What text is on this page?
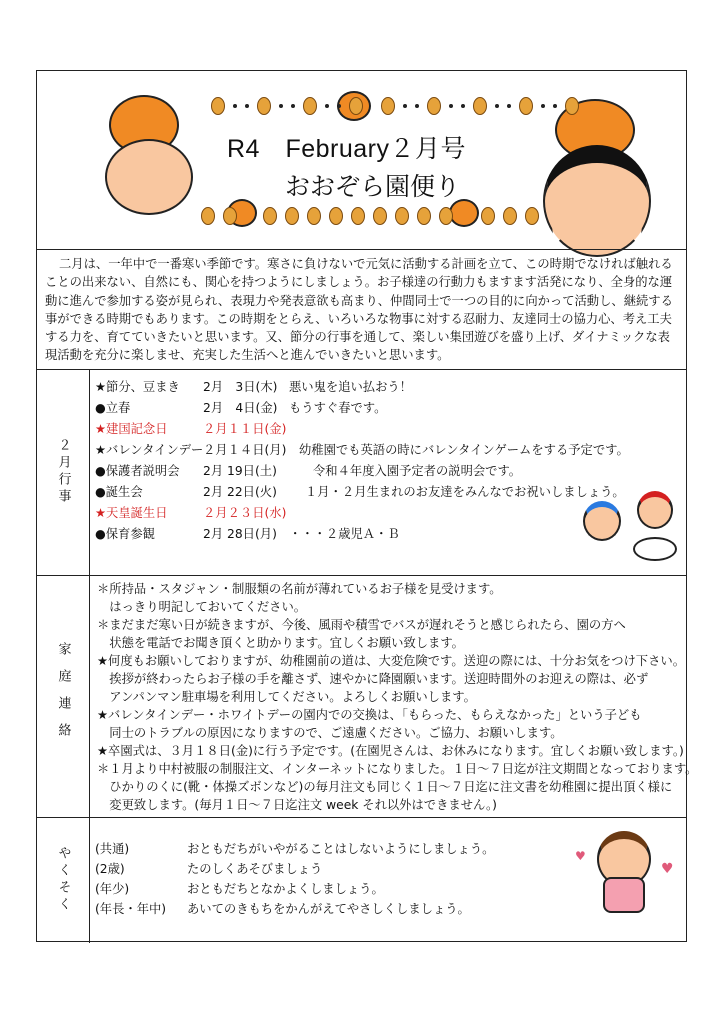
R4　February２月号
おおぞら園便り

二月は、一年中で一番寒い季節です。寒さに負けないで元気に活動する計画を立て、この時期でなければ触れることの出来ない、自然にも、関心を持つようにしましょう。お子様達の行動力もますます活発になり、全身的な運動に進んで参加する姿が見られ、表現力や発表意欲も高まり、仲間同士で一つの目的に向かって活動し、継続する事ができる時期でもあります。この時期をとらえ、いろいろな物事に対する忍耐力、友達同士の協力心、考え工夫する力を、育てていきたいと思います。又、節分の行事を通して、楽しい集団遊びを盛り上げ、ダイナミックな表現活動を充分に楽しませ、充実した生活へと進んでいきたいと思います。

２月行事
★節分、豆まき 2月　3日(木) 悪い鬼を追い払おう！
●立春	2月　4日(金) もうすぐ春です。
★建国記念日	２月１１日(金)
★バレンタインデー ２月１４日(月) 幼稚園でも英語の時にバレンタインゲームをする予定です。
●保護者説明会 2月 19日(土)	令和４年度入園予定者の説明会です。
●誕生会	2月 22日(火) １月・２月生まれのお友達をみんなでお祝いしましょう。
★天皇誕生日	２月２３日(水)
●保育参観	2月 28日(月) ・・・２歳児Ａ・Ｂ
家庭連絡
＊所持品・スタジャン・制服類の名前が薄れているお子様を見受けます。
　はっきり明記しておいてください。
＊まだまだ寒い日が続きますが、今後、風雨や積雪でバスが遅れそうと感じられたら、園の方へ
　状態を電話でお聞き頂くと助かります。宜しくお願い致します。
★何度もお願いしておりますが、幼稚園前の道は、大変危険です。送迎の際には、十分お気をつけ下さい。
　挨拶が終わったらお子様の手を離さず、速やかに降園願います。送迎時間外のお迎えの際は、必ず
　アンパンマン駐車場を利用してください。よろしくお願いします。
★バレンタインデー・ホワイトデーの園内での交換は、「もらった、もらえなかった」という子ども
　同士のトラブルの原因になりますので、ご遠慮ください。ご協力、お願いします。
★卒園式は、３月１８日(金)に行う予定です。(在園児さんは、お休みになります。宜しくお願い致します。)
＊１月より中村被服の制服注文、インターネットになりました。１日～７日迄が注文期間となっております。
　ひかりのくに(靴・体操ズボンなど)の毎月注文も同じく１日～７日迄に注文書を幼稚園に提出頂く様に
　変更致します。(毎月１日～７日迄注文 week それ以外はできません。)
やくそく (共通)	おともだちがいやがることはしないようにしましょう。
(2歳)	たのしくあそびましょう
(年少)	おともだちとなかよくしましょう。
(年長・年中) あいてのきもちをかんがえてやさしくしましょう。
♥
♥
